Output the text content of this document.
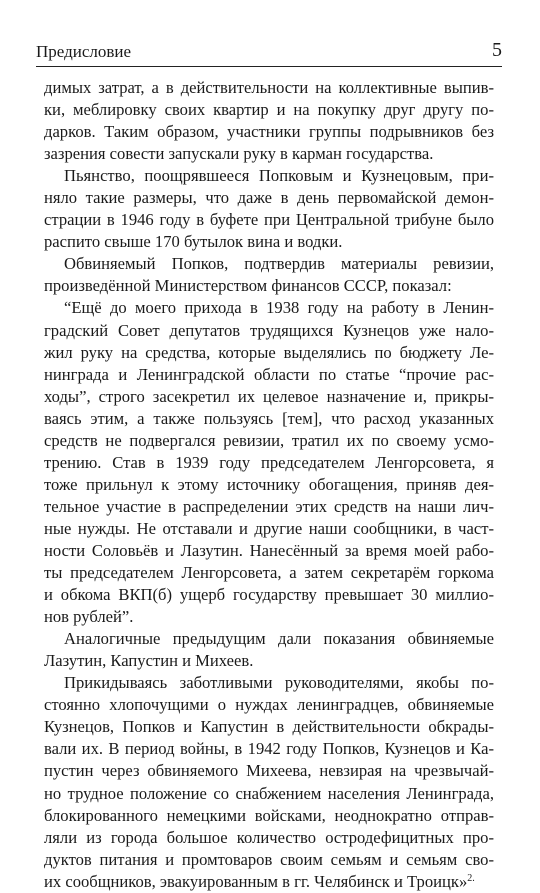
Предисловие	5
димых затрат, а в действительности на коллективные выпив-
ки, меблировку своих квартир и на покупку друг другу по-
дарков. Таким образом, участники группы подрывников без
зазрения совести запускали руку в карман государства.
Пьянство, поощрявшееся Попковым и Кузнецовым, при-
няло такие размеры, что даже в день первомайской демон-
страции в 1946 году в буфете при Центральной трибуне было
распито свыше 170 бутылок вина и водки.
Обвиняемый Попков, подтвердив материалы ревизии,
произведённой Министерством финансов СССР, показал:
“Ещё до моего прихода в 1938 году на работу в Ленин-
градский Совет депутатов трудящихся Кузнецов уже нало-
жил руку на средства, которые выделялись по бюджету Ле-
нинграда и Ленинградской области по статье “прочие рас-
ходы”, строго засекретил их целевое назначение и, прикры-
ваясь этим, а также пользуясь [тем], что расход указанных
средств не подвергался ревизии, тратил их по своему усмо-
трению. Став в 1939 году председателем Ленгорсовета, я
тоже прильнул к этому источнику обогащения, приняв дея-
тельное участие в распределении этих средств на наши лич-
ные нужды. Не отставали и другие наши сообщники, в част-
ности Соловьёв и Лазутин. Нанесённый за время моей рабо-
ты председателем Ленгорсовета, а затем секретарём горкома
и обкома ВКП(б) ущерб государству превышает 30 миллио-
нов рублей”.
Аналогичные предыдущим дали показания обвиняемые
Лазутин, Капустин и Михеев.
Прикидываясь заботливыми руководителями, якобы по-
стоянно хлопочущими о нуждах ленинградцев, обвиняемые
Кузнецов, Попков и Капустин в действительности обкрады-
вали их. В период войны, в 1942 году Попков, Кузнецов и Ка-
пустин через обвиняемого Михеева, невзирая на чрезвычай-
но трудное положение со снабжением населения Ленинграда,
блокированного немецкими войсками, неоднократно отправ-
ляли из города большое количество остродефицитных про-
дуктов питания и промтоваров своим семьям и семьям сво-
их сообщников, эвакуированным в гг. Челябинск и Троицк»$^{2.}$
